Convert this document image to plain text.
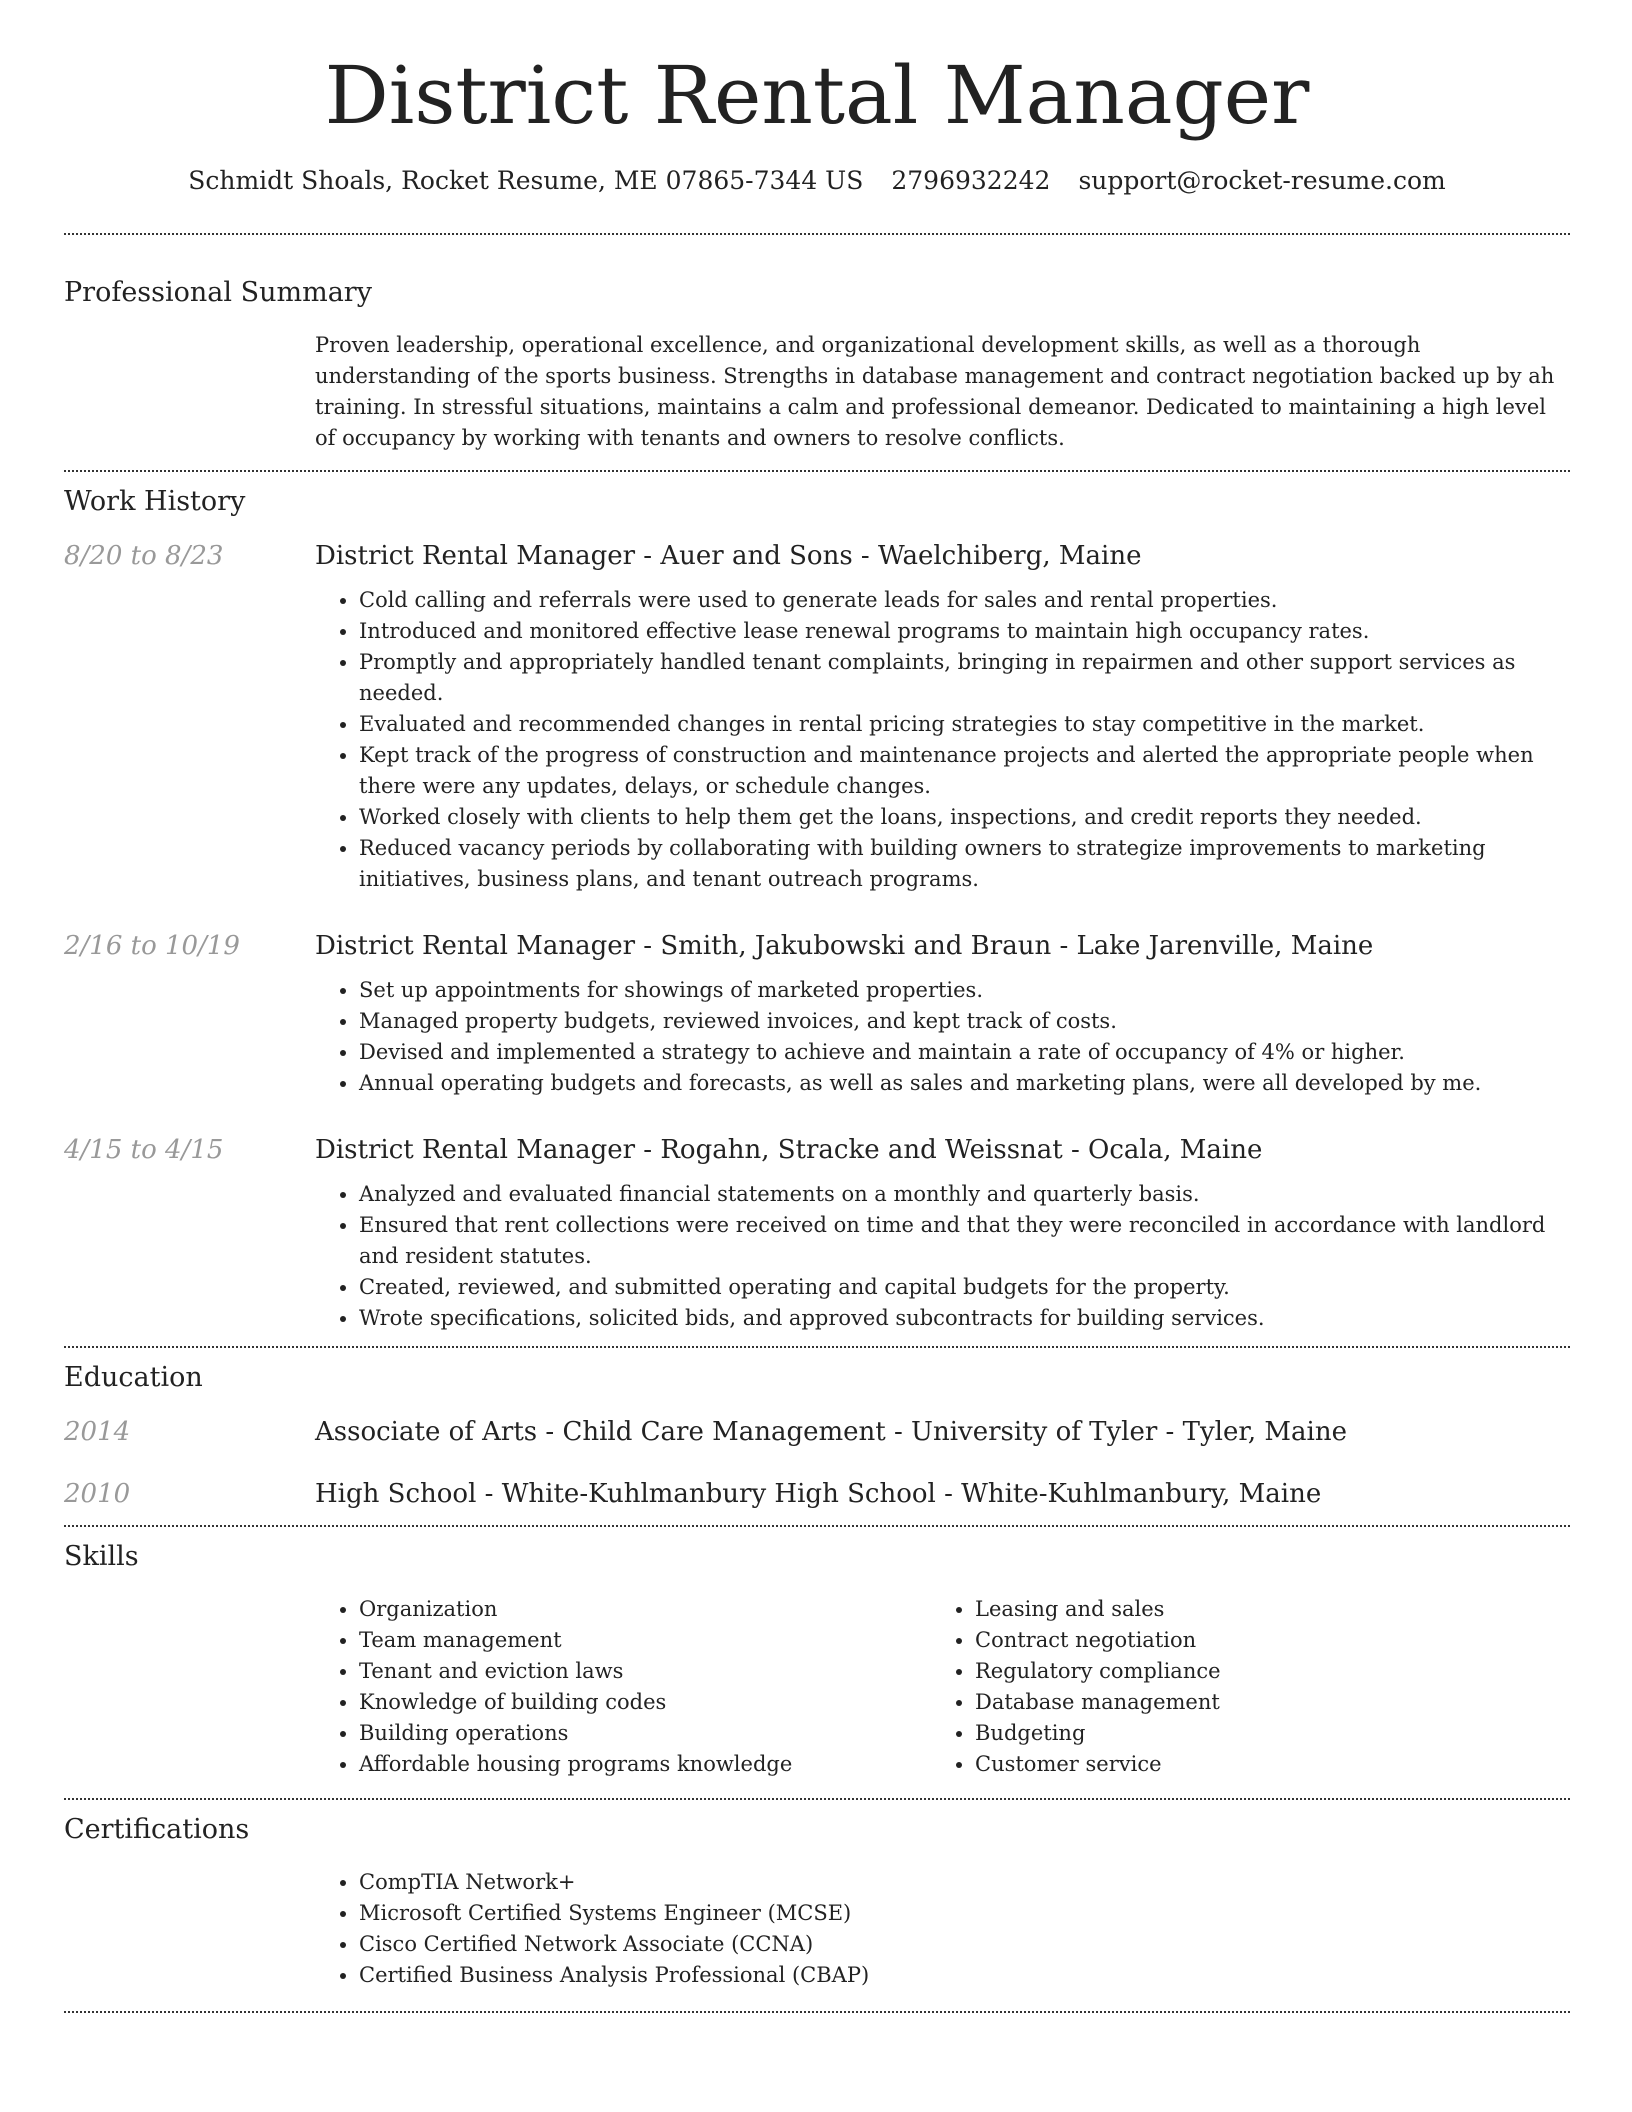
District Rental Manager
Schmidt Shoals, Rocket Resume, ME 07865-7344 US 2796932242 support@rocket-resume.com
Professional Summary
Proven leadership, operational excellence, and organizational development skills, as well as a thorough understanding of the sports business. Strengths in database management and contract negotiation backed up by ah training. In stressful situations, maintains a calm and professional demeanor. Dedicated to maintaining a high level of occupancy by working with tenants and owners to resolve conflicts.
Work History
8/20 to 8/23	District Rental Manager - Auer and Sons - Waelchiberg, Maine
• Cold calling and referrals were used to generate leads for sales and rental properties.
• Introduced and monitored effective lease renewal programs to maintain high occupancy rates.
• Promptly and appropriately handled tenant complaints, bringing in repairmen and other support services as needed.
• Evaluated and recommended changes in rental pricing strategies to stay competitive in the market.
• Kept track of the progress of construction and maintenance projects and alerted the appropriate people when there were any updates, delays, or schedule changes.
• Worked closely with clients to help them get the loans, inspections, and credit reports they needed.
• Reduced vacancy periods by collaborating with building owners to strategize improvements to marketing initiatives, business plans, and tenant outreach programs.
2/16 to 10/19	District Rental Manager - Smith, Jakubowski and Braun - Lake Jarenville, Maine
• Set up appointments for showings of marketed properties.
• Managed property budgets, reviewed invoices, and kept track of costs.
• Devised and implemented a strategy to achieve and maintain a rate of occupancy of 4% or higher.
• Annual operating budgets and forecasts, as well as sales and marketing plans, were all developed by me.
4/15 to 4/15	District Rental Manager - Rogahn, Stracke and Weissnat - Ocala, Maine
• Analyzed and evaluated financial statements on a monthly and quarterly basis.
• Ensured that rent collections were received on time and that they were reconciled in accordance with landlord and resident statutes.
• Created, reviewed, and submitted operating and capital budgets for the property.
• Wrote specifications, solicited bids, and approved subcontracts for building services.
Education
2014	Associate of Arts - Child Care Management - University of Tyler - Tyler, Maine
2010	High School - White-Kuhlmanbury High School - White-Kuhlmanbury, Maine
Skills
• Organization
• Team management
• Tenant and eviction laws
• Knowledge of building codes
• Building operations
• Affordable housing programs knowledge
• Leasing and sales
• Contract negotiation
• Regulatory compliance
• Database management
• Budgeting
• Customer service
Certifications
• CompTIA Network+
• Microsoft Certified Systems Engineer (MCSE)
• Cisco Certified Network Associate (CCNA)
• Certified Business Analysis Professional (CBAP)
